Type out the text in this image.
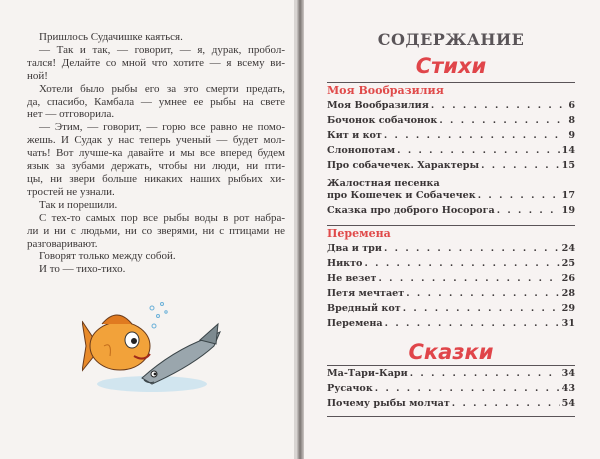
Пришлось Судачишке каяться.
— Так и так, — говорит, — я, дурак, пробол-
тался! Делайте со мной что хотите — я всему ви-
ной!
Хотели было рыбы его за это смерти предать,
да, спасибо, Камбала — умнее ее рыбы на свете
нет — отговорила.
— Этим, — говорит, — горю все равно не помо-
жешь. И Судак у нас теперь ученый — будет мол-
чать! Вот лучше-ка давайте и мы все вперед будем
язык за зубами держать, чтобы ни люди, ни пти-
цы, ни звери больше никаких наших рыбьих хи-
тростей не узнали.
Так и порешили.
С тех-то самых пор все рыбы воды в рот набра-
ли и ни с людьми, ни со зверями, ни с птицами не
разговаривают.
Говорят только между собой.
И то — тихо-тихо.
СОДЕРЖАНИЕ
Стихи
Моя Вообразилия
Моя Вообразилия . . .	6
Бочонок собачонок . . .	8
Кит и кот . . .	9
Слонопотам . . .	14
Про собачечек. Характеры . . .	15
Жалостная песенка
про Кошечек и Собачечек . . .	17
Сказка про доброго Носорога . . .	19
Перемена
Два и три . . .	24
Никто . . .	25
Не везет . . .	26
Петя мечтает . . .	28
Вредный кот . . .	29
Перемена . . .	31
Сказки
Ма-Тари-Кари . . .	34
Русачок . . .	43
Почему рыбы молчат . . .	54
